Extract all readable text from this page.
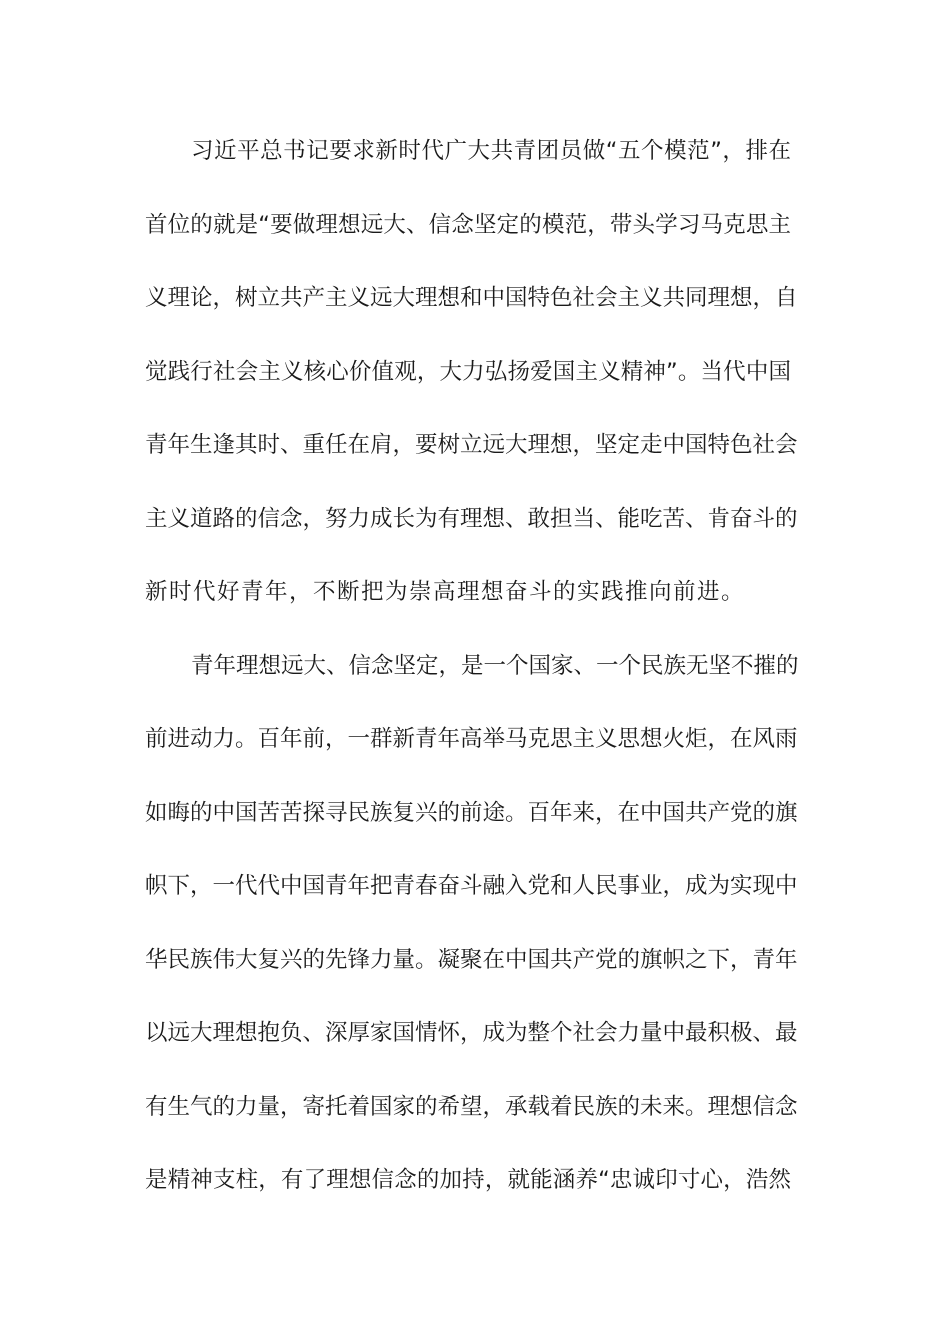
习近平总书记要求新时代广大共青团员做“五个模范”，排在
首位的就是“要做理想远大、信念坚定的模范，带头学习马克思主
义理论，树立共产主义远大理想和中国特色社会主义共同理想，自
觉践行社会主义核心价值观，大力弘扬爱国主义精神”。当代中国
青年生逢其时、重任在肩，要树立远大理想，坚定走中国特色社会
主义道路的信念，努力成长为有理想、敢担当、能吃苦、肯奋斗的
新时代好青年，不断把为崇高理想奋斗的实践推向前进。
青年理想远大、信念坚定，是一个国家、一个民族无坚不摧的
前进动力。百年前，一群新青年高举马克思主义思想火炬，在风雨
如晦的中国苦苦探寻民族复兴的前途。百年来，在中国共产党的旗
帜下，一代代中国青年把青春奋斗融入党和人民事业，成为实现中
华民族伟大复兴的先锋力量。凝聚在中国共产党的旗帜之下，青年
以远大理想抱负、深厚家国情怀，成为整个社会力量中最积极、最
有生气的力量，寄托着国家的希望，承载着民族的未来。理想信念
是精神支柱，有了理想信念的加持，就能涵养“忠诚印寸心，浩然
